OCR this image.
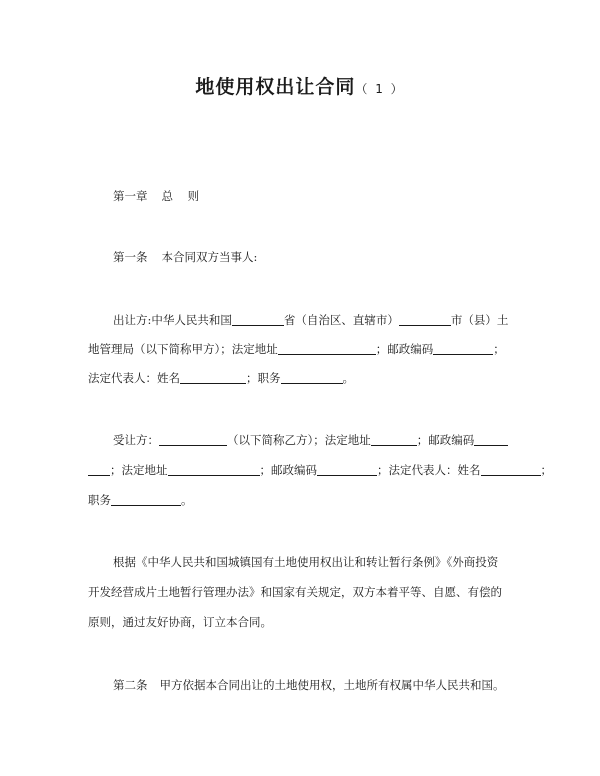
地使用权出让合同（ 1 ）
第一章 总    则
第一条 本合同双方当事人:
出让方:中华人民共和国	省（自治区、直辖市）	市（县）土
地管理局（以下简称甲方）；法定地址	；邮政编码	；
法定代表人：姓名	；职务	。
受让方：	（以下简称乙方）；法定地址	；邮政编码
；法定地址	；邮政编码	；法定代表人：姓名	；
职务	。
根据《中华人民共和国城镇国有土地使用权出让和转让暂行条例》《外商投资
开发经营成片土地暂行管理办法》和国家有关规定，双方本着平等、自愿、有偿的
原则，通过友好协商，订立本合同。
第二条 甲方依据本合同出让的土地使用权，土地所有权属中华人民共和国。
